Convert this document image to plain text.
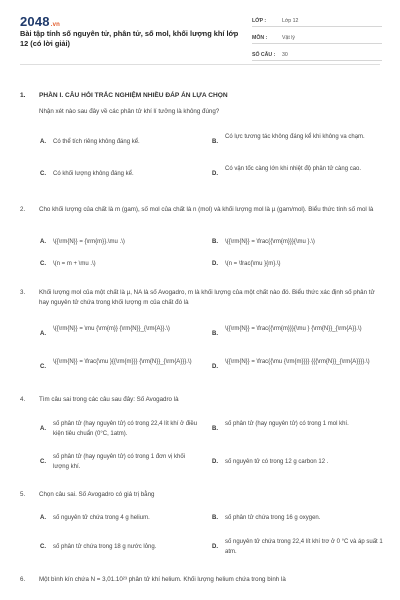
2048.vn
Bài tập tính số nguyên tử, phân tử, số mol, khối lượng khí lớp 12 (có lời giải)
LỚP :	Lớp 12
MÔN :	Vật lý
SỐ CÂU :	30
1. PHẦN I. CÂU HỎI TRẮC NGHIỆM NHIỀU ĐÁP ÁN LỰA CHỌN
Nhận xét nào sau đây về các phân tử khí lí tưởng là không đúng?
A. Có thể tích riêng không đáng kể.	B.
Có lực tương tác không đáng kể khi không va chạm.
C. Có khối lượng không đáng kể.	D.
Có vận tốc càng lớn khi nhiệt độ phân tử càng cao.
2.	Cho khối lượng của chất là m (gam), số mol của chất là n (mol) và khối lượng mol là µ (gam/mol). Biểu thức tính số mol là
A. \({\rm{N}} = {\rm{m}}.\mu .\)	B. \({\rm{N}} = \frac{{\rm{m}}}{\mu }.\)
C. \(n = m + \mu .\)	D. \(n = \frac{\mu }{m}.\)
3.	Khối lượng mol của một chất là µ, NA là số Avogadro, m là khối lượng của một chất nào đó. Biểu thức xác định số phân tử hay nguyên tử chứa trong khối lượng m của chất đó là
A.
\({\rm{N}} = \mu {\rm{m}} {\rm{N}}_{\rm{A}}.\)
B.
\({\rm{N}} = \frac{{\rm{m}}}{\mu } {\rm{N}}_{\rm{A}}.\)
C.
\({\rm{N}} = \frac{\mu }{{\rm{m}}} {\rm{N}}_{\rm{A}}}.\)
D.
\({\rm{N}} = \frac{{\mu {\rm{m}}}} {{{\rm{N}}_{\rm{A}}}}.\)
4.	Tìm câu sai trong các câu sau đây: Số Avogadro là
A.
số phân tử (hay nguyên tử) có trong 22,4 lít khí ở điều kiện tiêu chuẩn (0°C, 1atm).
B.
số phân tử (hay nguyên tử) có trong 1 mol khí.
C.
số phân tử (hay nguyên tử) có trong 1 đơn vị khối lượng khí.
D. số nguyên tử có trong 12 g carbon 12 .
5.	Chọn câu sai. Số Avogadro có giá trị bằng
A. số nguyên tử chứa trong 4 g helium.	B. số phân tử chứa trong 16 g oxygen.
C. số phân tử chứa trong 18 g nước lỏng.	D.
số nguyên tử chứa trong 22,4 lít khí trơ ở 0 °C và áp suất 1 atm.
6.	Một bình kín chứa N = 3,01.10²³ phân tử khí helium. Khối lượng helium chứa trong bình là
